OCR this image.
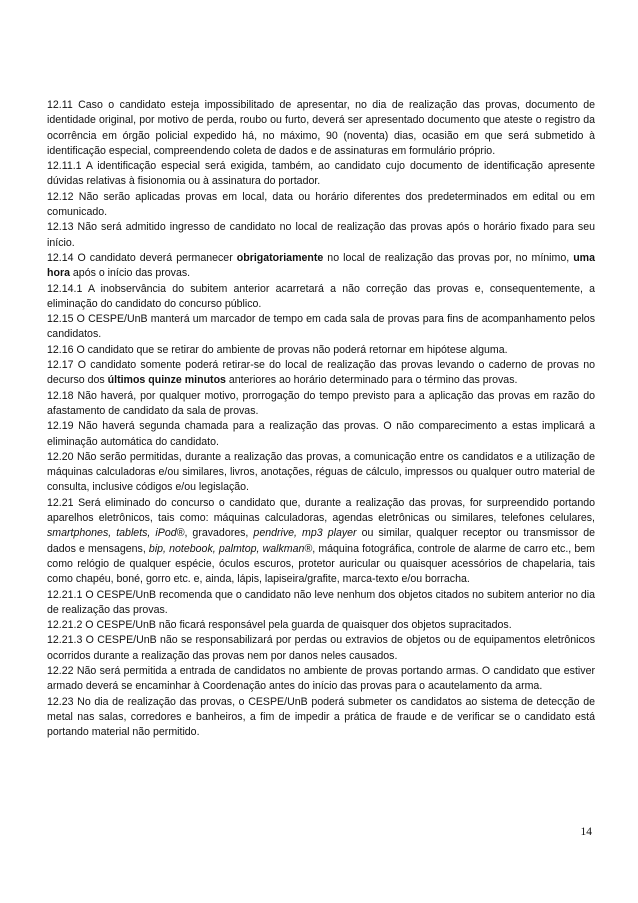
12.11 Caso o candidato esteja impossibilitado de apresentar, no dia de realização das provas, documento de identidade original, por motivo de perda, roubo ou furto, deverá ser apresentado documento que ateste o registro da ocorrência em órgão policial expedido há, no máximo, 90 (noventa) dias, ocasião em que será submetido à identificação especial, compreendendo coleta de dados e de assinaturas em formulário próprio.

12.11.1 A identificação especial será exigida, também, ao candidato cujo documento de identificação apresente dúvidas relativas à fisionomia ou à assinatura do portador.

12.12 Não serão aplicadas provas em local, data ou horário diferentes dos predeterminados em edital ou em comunicado.

12.13 Não será admitido ingresso de candidato no local de realização das provas após o horário fixado para seu início.

12.14 O candidato deverá permanecer obrigatoriamente no local de realização das provas por, no mínimo, uma hora após o início das provas.

12.14.1 A inobservância do subitem anterior acarretará a não correção das provas e, consequentemente, a eliminação do candidato do concurso público.

12.15 O CESPE/UnB manterá um marcador de tempo em cada sala de provas para fins de acompanhamento pelos candidatos.

12.16 O candidato que se retirar do ambiente de provas não poderá retornar em hipótese alguma.

12.17 O candidato somente poderá retirar-se do local de realização das provas levando o caderno de provas no decurso dos últimos quinze minutos anteriores ao horário determinado para o término das provas.

12.18 Não haverá, por qualquer motivo, prorrogação do tempo previsto para a aplicação das provas em razão do afastamento de candidato da sala de provas.

12.19 Não haverá segunda chamada para a realização das provas. O não comparecimento a estas implicará a eliminação automática do candidato.

12.20 Não serão permitidas, durante a realização das provas, a comunicação entre os candidatos e a utilização de máquinas calculadoras e/ou similares, livros, anotações, réguas de cálculo, impressos ou qualquer outro material de consulta, inclusive códigos e/ou legislação.

12.21 Será eliminado do concurso o candidato que, durante a realização das provas, for surpreendido portando aparelhos eletrônicos, tais como: máquinas calculadoras, agendas eletrônicas ou similares, telefones celulares, smartphones, tablets, iPod®, gravadores, pendrive, mp3 player ou similar, qualquer receptor ou transmissor de dados e mensagens, bip, notebook, palmtop, walkman®, máquina fotográfica, controle de alarme de carro etc., bem como relógio de qualquer espécie, óculos escuros, protetor auricular ou quaisquer acessórios de chapelaria, tais como chapéu, boné, gorro etc. e, ainda, lápis, lapiseira/grafite, marca-texto e/ou borracha.

12.21.1 O CESPE/UnB recomenda que o candidato não leve nenhum dos objetos citados no subitem anterior no dia de realização das provas.

12.21.2 O CESPE/UnB não ficará responsável pela guarda de quaisquer dos objetos supracitados.

12.21.3 O CESPE/UnB não se responsabilizará por perdas ou extravios de objetos ou de equipamentos eletrônicos ocorridos durante a realização das provas nem por danos neles causados.

12.22 Não será permitida a entrada de candidatos no ambiente de provas portando armas. O candidato que estiver armado deverá se encaminhar à Coordenação antes do início das provas para o acautelamento da arma.

12.23 No dia de realização das provas, o CESPE/UnB poderá submeter os candidatos ao sistema de detecção de metal nas salas, corredores e banheiros, a fim de impedir a prática de fraude e de verificar se o candidato está portando material não permitido.

14
